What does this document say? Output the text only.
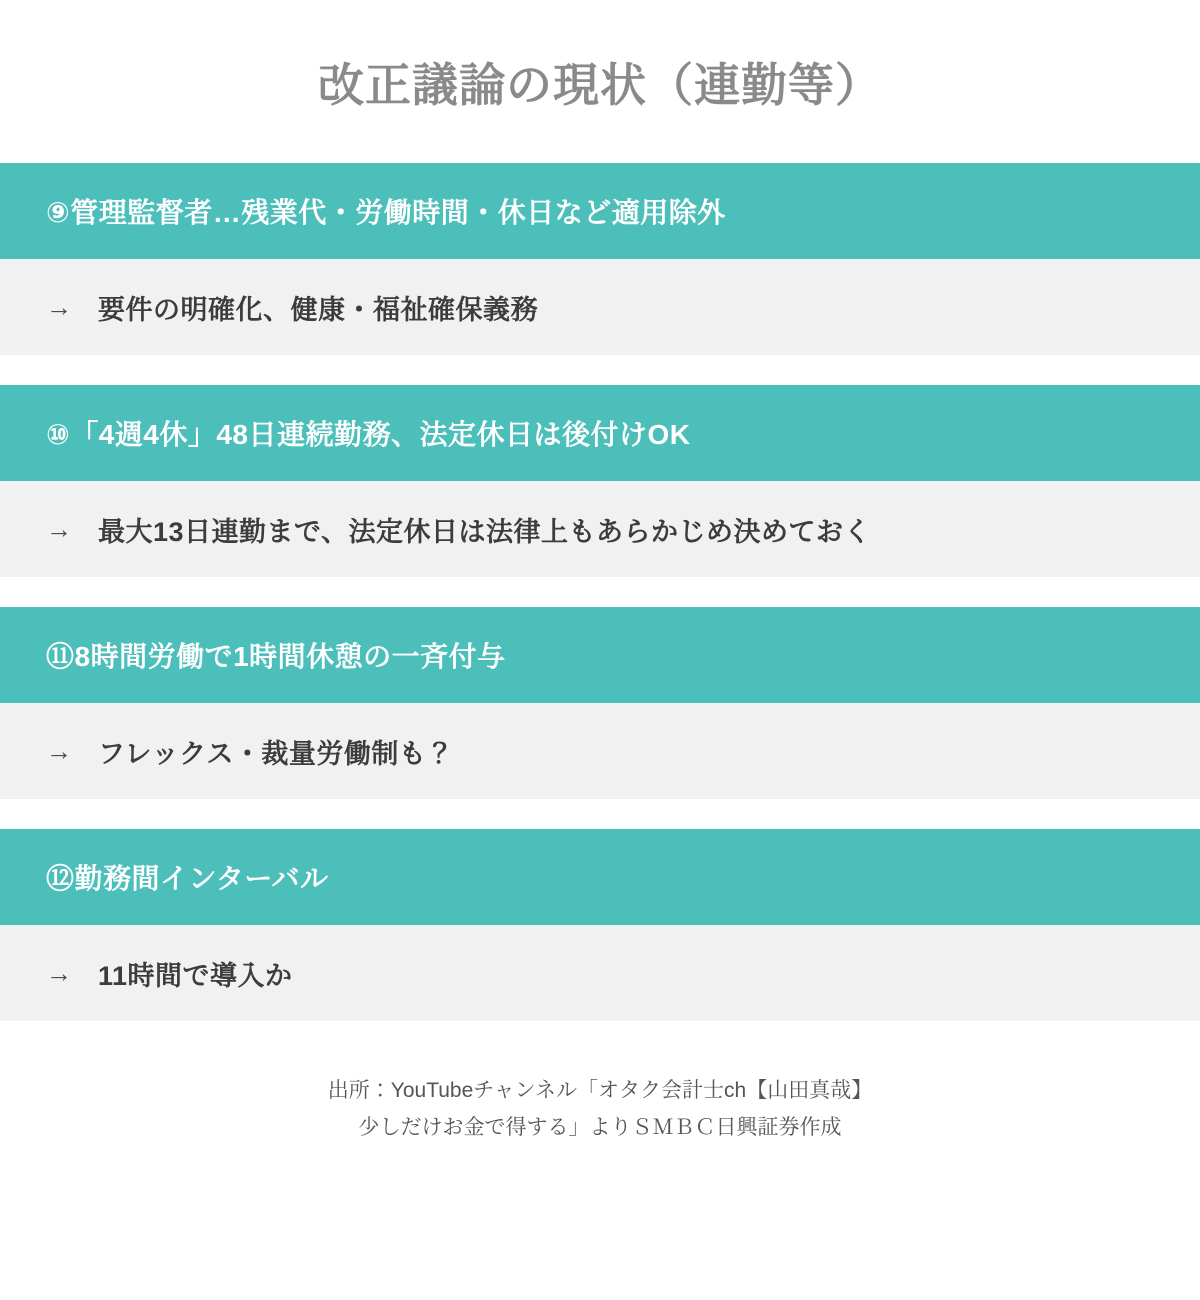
改正議論の現状（連勤等）
⑨管理監督者…残業代・労働時間・休日など適用除外
→ 要件の明確化、健康・福祉確保義務
⑩「4週4休」48日連続勤務、法定休日は後付けOK
→ 最大13日連勤まで、法定休日は法律上もあらかじめ決めておく
⑪8時間労働で1時間休憩の一斉付与
→ フレックス・裁量労働制も？
⑫勤務間インターバル
→ 11時間で導入か
出所：YouTubeチャンネル「オタク会計士ch【山田真哉】
少しだけお金で得する」よりＳＭＢＣ日興証券作成
